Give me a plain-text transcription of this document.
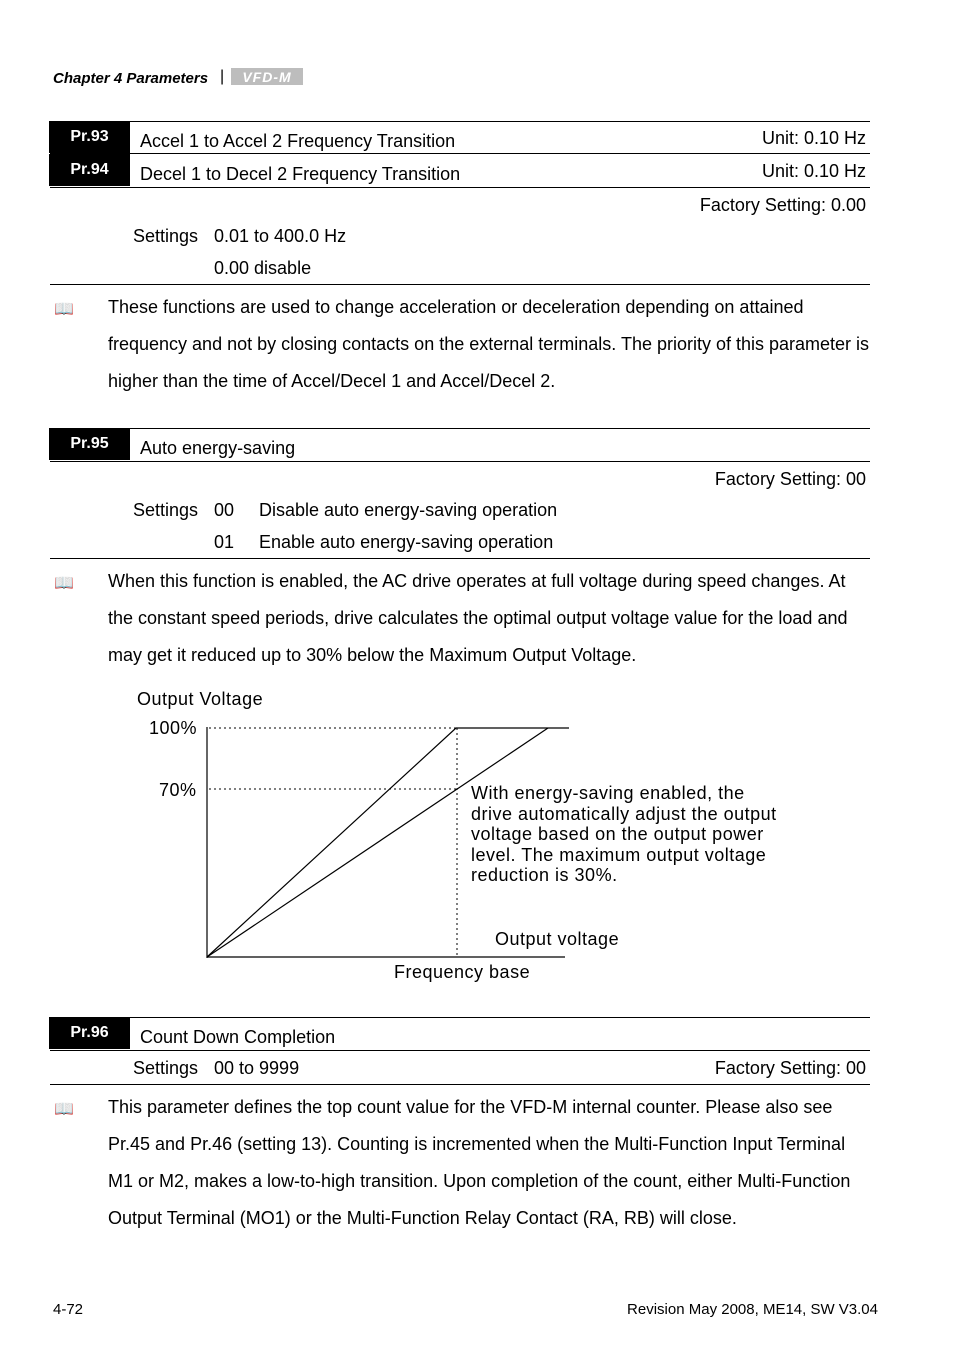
Chapter 4 Parameters |	VFD-M
Pr.93	Accel 1 to Accel 2 Frequency Transition	Unit: 0.10 Hz
Pr.94	Decel 1 to Decel 2 Frequency Transition	Unit: 0.10 Hz
Factory Setting: 0.00
Settings 0.01 to 400.0 Hz
0.00 disable
📖 These functions are used to change acceleration or deceleration depending on attained frequency and not by closing contacts on the external terminals. The priority of this parameter is higher than the time of Accel/Decel 1 and Accel/Decel 2.
Pr.95	Auto energy-saving
Factory Setting: 00
Settings 00 Disable auto energy-saving operation
01 Enable auto energy-saving operation
📖 When this function is enabled, the AC drive operates at full voltage during speed changes. At the constant speed periods, drive calculates the optimal output voltage value for the load and may get it reduced up to 30% below the Maximum Output Voltage.
Output Voltage
100%
70%	With energy-saving enabled, the
drive automatically adjust the output
voltage based on the output power
level. The maximum output voltage
reduction is 30%.
Output voltage
Frequency base
Pr.96	Count Down Completion
Settings 00 to 9999	Factory Setting: 00
📖 This parameter defines the top count value for the VFD-M internal counter. Please also see Pr.45 and Pr.46 (setting 13). Counting is incremented when the Multi-Function Input Terminal M1 or M2, makes a low-to-high transition. Upon completion of the count, either Multi-Function Output Terminal (MO1) or the Multi-Function Relay Contact (RA, RB) will close.
4-72	Revision May 2008, ME14, SW V3.04
